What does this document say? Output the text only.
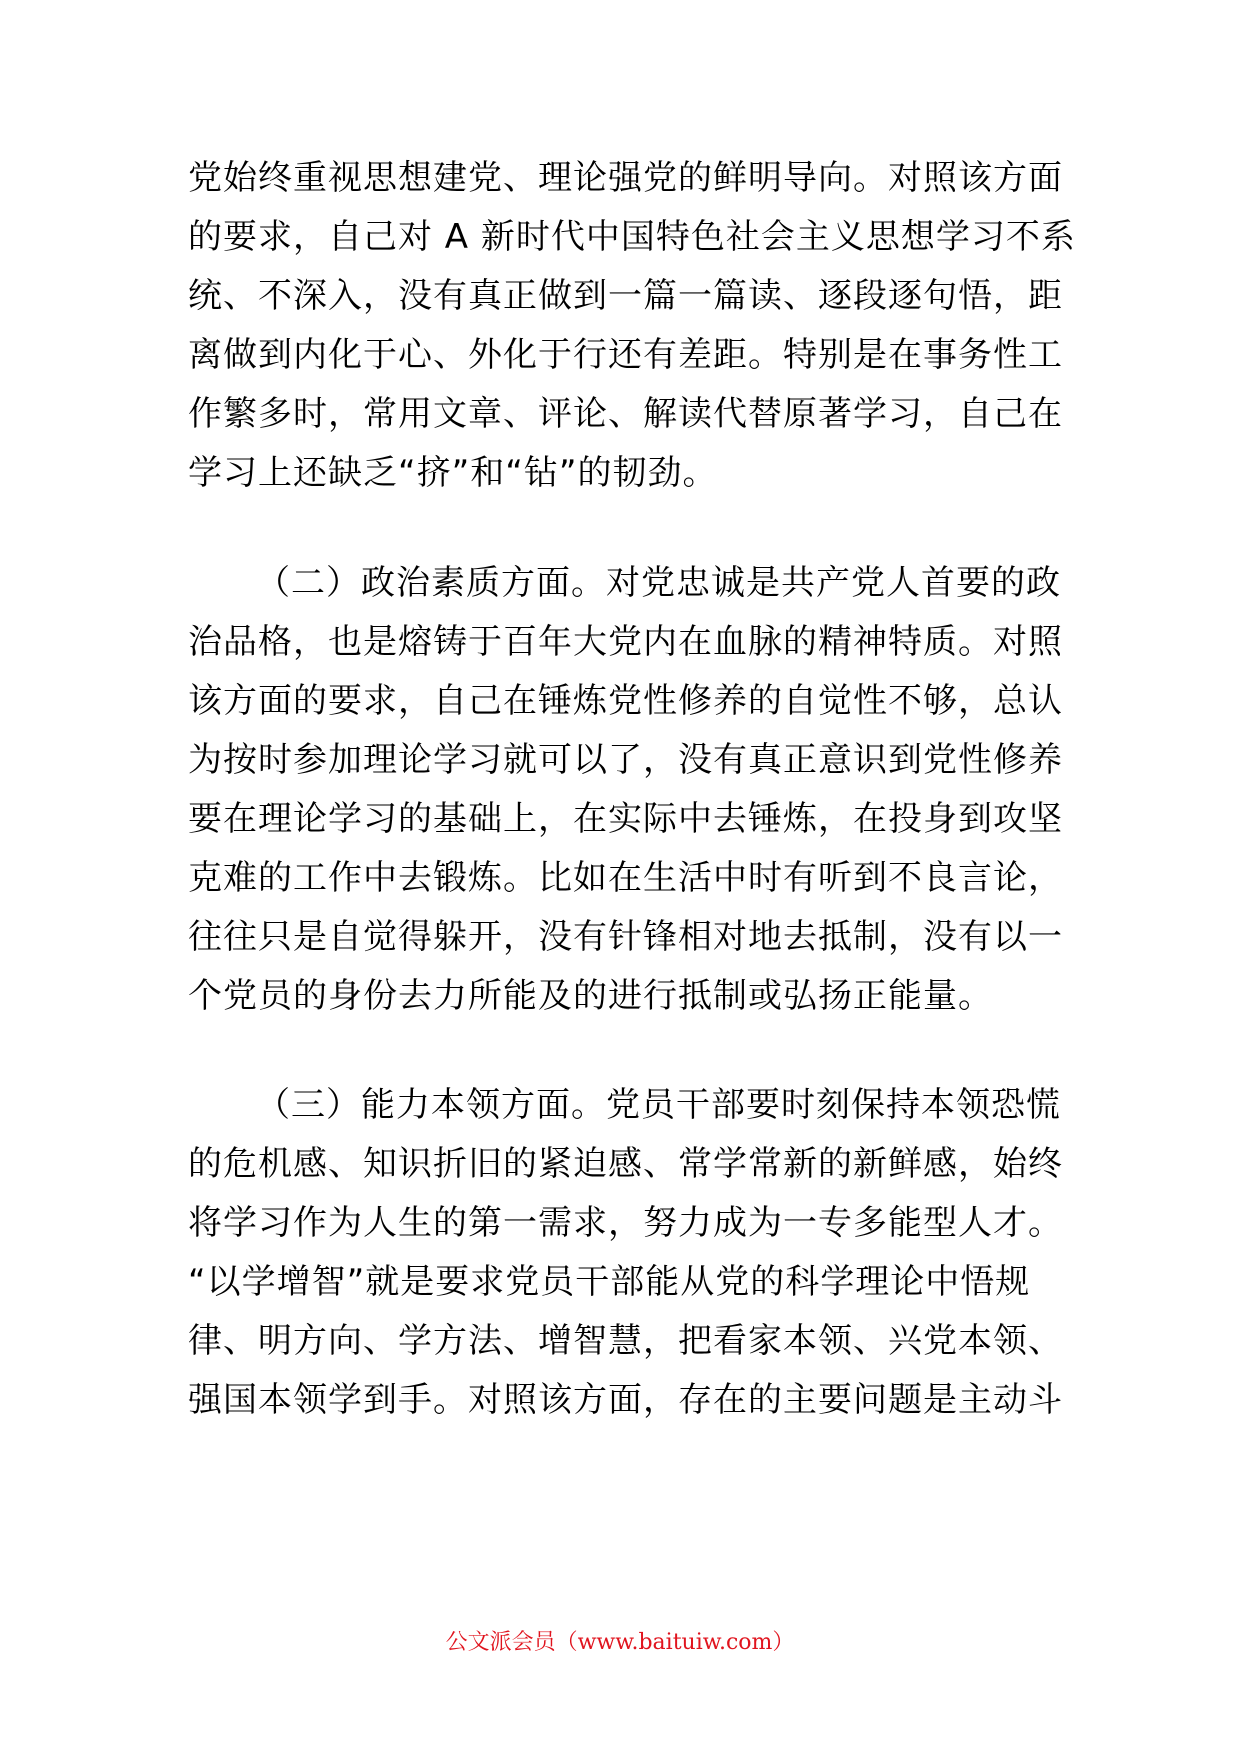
党始终重视思想建党、理论强党的鲜明导向。对照该方面
的要求，自己对 A 新时代中国特色社会主义思想学习不系
统、不深入，没有真正做到一篇一篇读、逐段逐句悟，距
离做到内化于心、外化于行还有差距。特别是在事务性工
作繁多时，常用文章、评论、解读代替原著学习，自己在
学习上还缺乏“挤”和“钻”的韧劲。
（二）政治素质方面。对党忠诚是共产党人首要的政
治品格，也是熔铸于百年大党内在血脉的精神特质。对照
该方面的要求，自己在锤炼党性修养的自觉性不够，总认
为按时参加理论学习就可以了，没有真正意识到党性修养
要在理论学习的基础上，在实际中去锤炼，在投身到攻坚
克难的工作中去锻炼。比如在生活中时有听到不良言论，
往往只是自觉得躲开，没有针锋相对地去抵制，没有以一
个党员的身份去力所能及的进行抵制或弘扬正能量。
（三）能力本领方面。党员干部要时刻保持本领恐慌
的危机感、知识折旧的紧迫感、常学常新的新鲜感，始终
将学习作为人生的第一需求，努力成为一专多能型人才。
“以学增智”就是要求党员干部能从党的科学理论中悟规
律、明方向、学方法、增智慧，把看家本领、兴党本领、
强国本领学到手。对照该方面，存在的主要问题是主动斗
公文派会员（www.baituiw.com）
